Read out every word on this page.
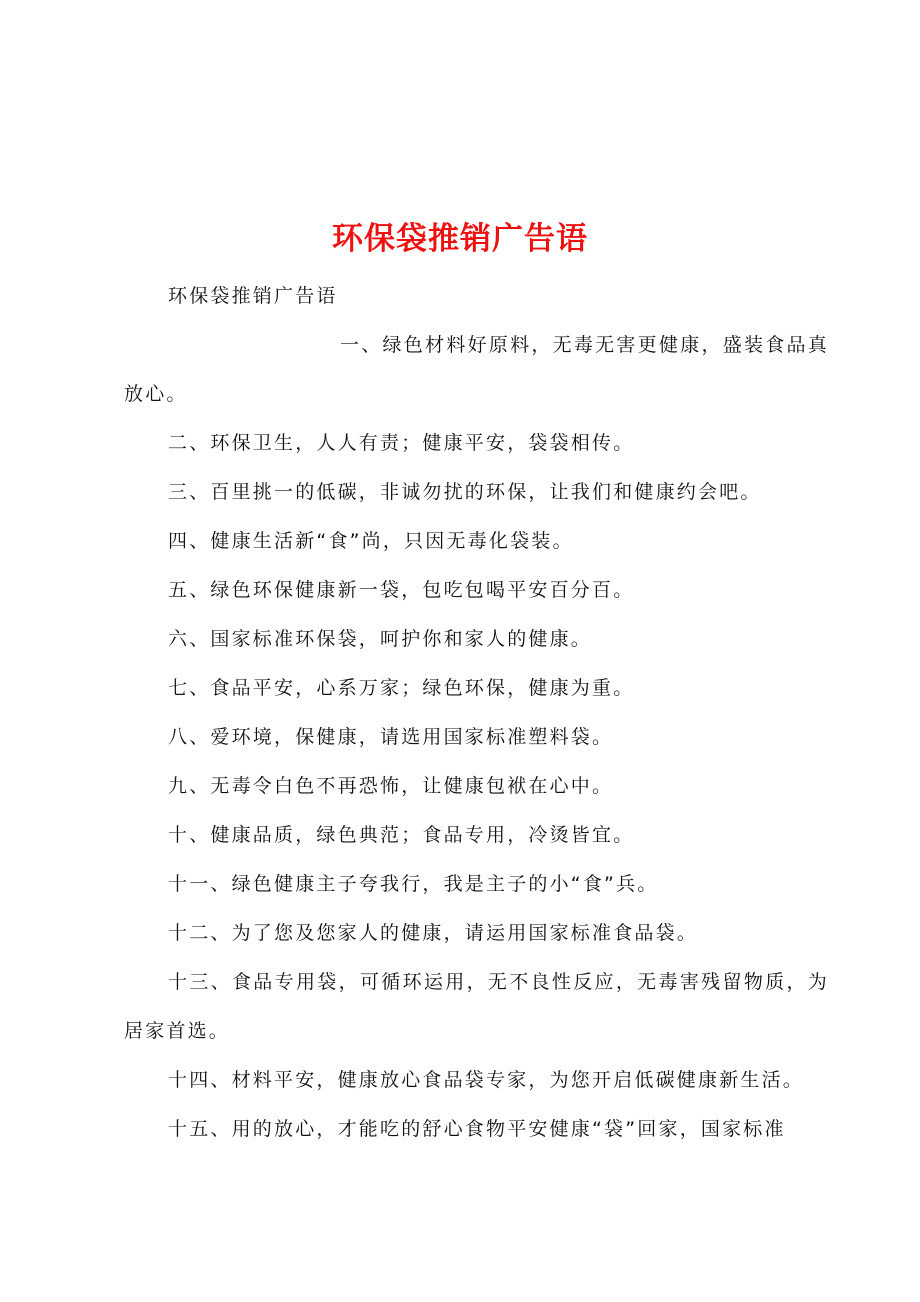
环保袋推销广告语

环保袋推销广告语

一、绿色材料好原料，无毒无害更健康，盛装食品真放心。

二、环保卫生，人人有责；健康平安，袋袋相传。

三、百里挑一的低碳，非诚勿扰的环保，让我们和健康约会吧。

四、健康生活新“食”尚，只因无毒化袋装。

五、绿色环保健康新一袋，包吃包喝平安百分百。

六、国家标准环保袋，呵护你和家人的健康。

七、食品平安，心系万家；绿色环保，健康为重。

八、爱环境，保健康，请选用国家标准塑料袋。

九、无毒令白色不再恐怖，让健康包袱在心中。

十、健康品质，绿色典范；食品专用，冷烫皆宜。

十一、绿色健康主子夸我行，我是主子的小“食”兵。

十二、为了您及您家人的健康，请运用国家标准食品袋。

十三、食品专用袋，可循环运用，无不良性反应，无毒害残留物质，为居家首选。

十四、材料平安，健康放心食品袋专家，为您开启低碳健康新生活。

十五、用的放心，才能吃的舒心食物平安健康“袋”回家，国家标准
